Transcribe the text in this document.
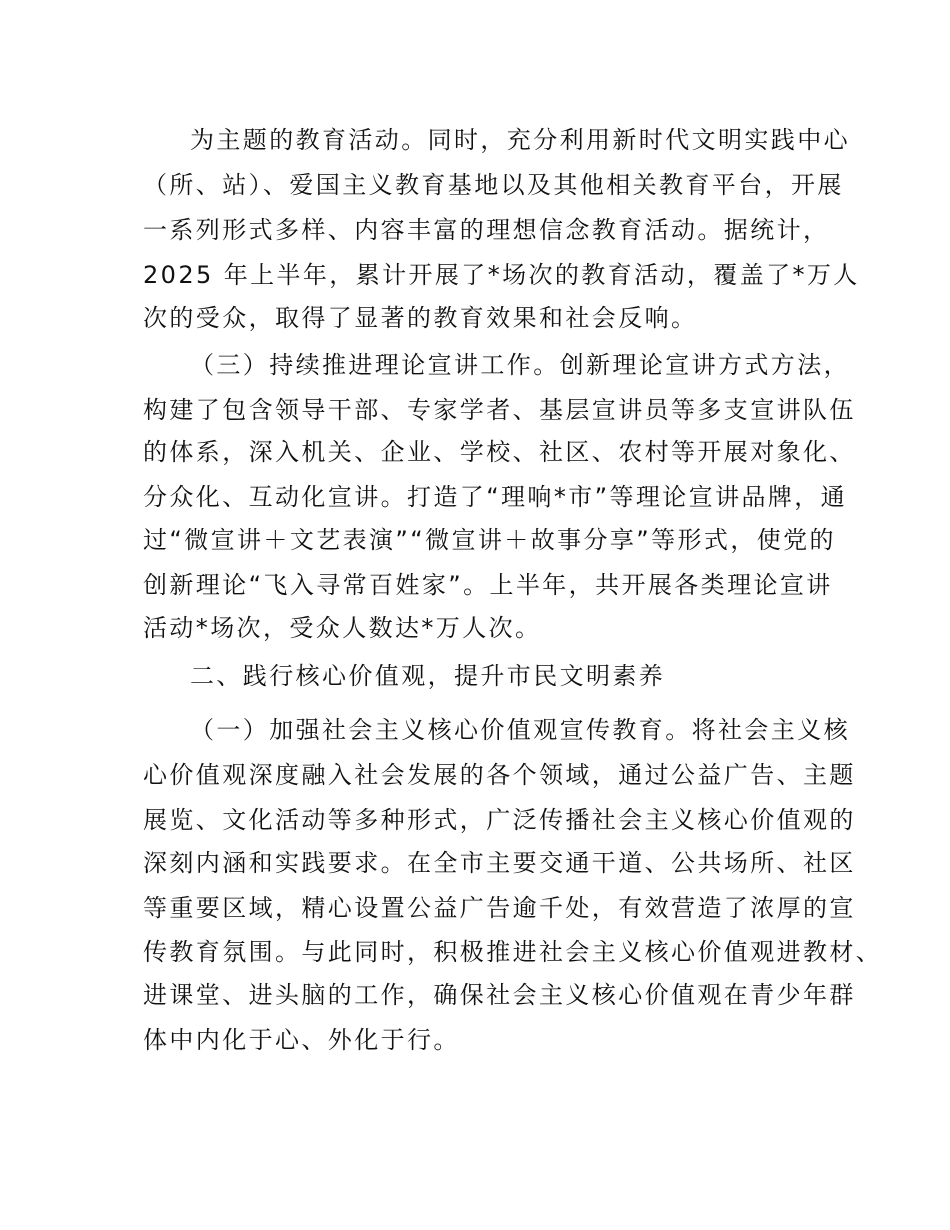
为主题的教育活动。同时，充分利用新时代文明实践中心
（所、站）、爱国主义教育基地以及其他相关教育平台，开展
一系列形式多样、内容丰富的理想信念教育活动。据统计，
2025 年上半年，累计开展了*场次的教育活动，覆盖了*万人
次的受众，取得了显著的教育效果和社会反响。
（三）持续推进理论宣讲工作。创新理论宣讲方式方法，
构建了包含领导干部、专家学者、基层宣讲员等多支宣讲队伍
的体系，深入机关、企业、学校、社区、农村等开展对象化、
分众化、互动化宣讲。打造了“理响*市”等理论宣讲品牌，通
过“微宣讲＋文艺表演”“微宣讲＋故事分享”等形式，使党的
创新理论“飞入寻常百姓家”。上半年，共开展各类理论宣讲
活动*场次，受众人数达*万人次。
二、践行核心价值观，提升市民文明素养
（一）加强社会主义核心价值观宣传教育。将社会主义核
心价值观深度融入社会发展的各个领域，通过公益广告、主题
展览、文化活动等多种形式，广泛传播社会主义核心价值观的
深刻内涵和实践要求。在全市主要交通干道、公共场所、社区
等重要区域，精心设置公益广告逾千处，有效营造了浓厚的宣
传教育氛围。与此同时，积极推进社会主义核心价值观进教材、
进课堂、进头脑的工作，确保社会主义核心价值观在青少年群
体中内化于心、外化于行。
